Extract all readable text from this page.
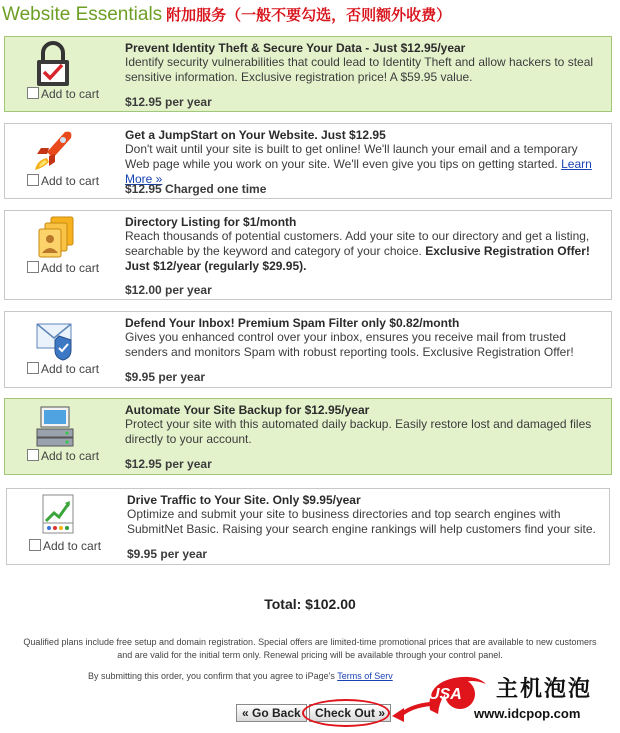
Website Essentials 附加服务（一般不要勾选，否则额外收费）
Add to cart
Prevent Identity Theft & Secure Your Data - Just $12.95/year
Identify security vulnerabilities that could lead to Identity Theft and allow hackers to steal sensitive information. Exclusive registration price! A $59.95 value.
$12.95 per year
Add to cart
Get a JumpStart on Your Website. Just $12.95
Don't wait until your site is built to get online! We'll launch your email and a temporary Web page while you work on your site. We'll even give you tips on getting started. Learn More »
$12.95 Charged one time
Add to cart
Directory Listing for $1/month
Reach thousands of potential customers. Add your site to our directory and get a listing, searchable by the keyword and category of your choice. Exclusive Registration Offer! Just $12/year (regularly $29.95).
$12.00 per year
Add to cart
Defend Your Inbox! Premium Spam Filter only $0.82/month
Gives you enhanced control over your inbox, ensures you receive mail from trusted senders and monitors Spam with robust reporting tools. Exclusive Registration Offer!
$9.95 per year
Add to cart
Automate Your Site Backup for $12.95/year
Protect your site with this automated daily backup. Easily restore lost and damaged files directly to your account.
$12.95 per year
Add to cart
Drive Traffic to Your Site. Only $9.95/year
Optimize and submit your site to business directories and top search engines with SubmitNet Basic. Raising your search engine rankings will help customers find your site.
$9.95 per year
Total: $102.00
Qualified plans include free setup and domain registration. Special offers are limited-time promotional prices that are available to new customers and are valid for the initial term only. Renewal pricing will be available through your control panel.
By submitting this order, you confirm that you agree to iPage's Terms of Serv
« Go Back	Check Out »
USA 主机泡泡
www.idcpop.com
